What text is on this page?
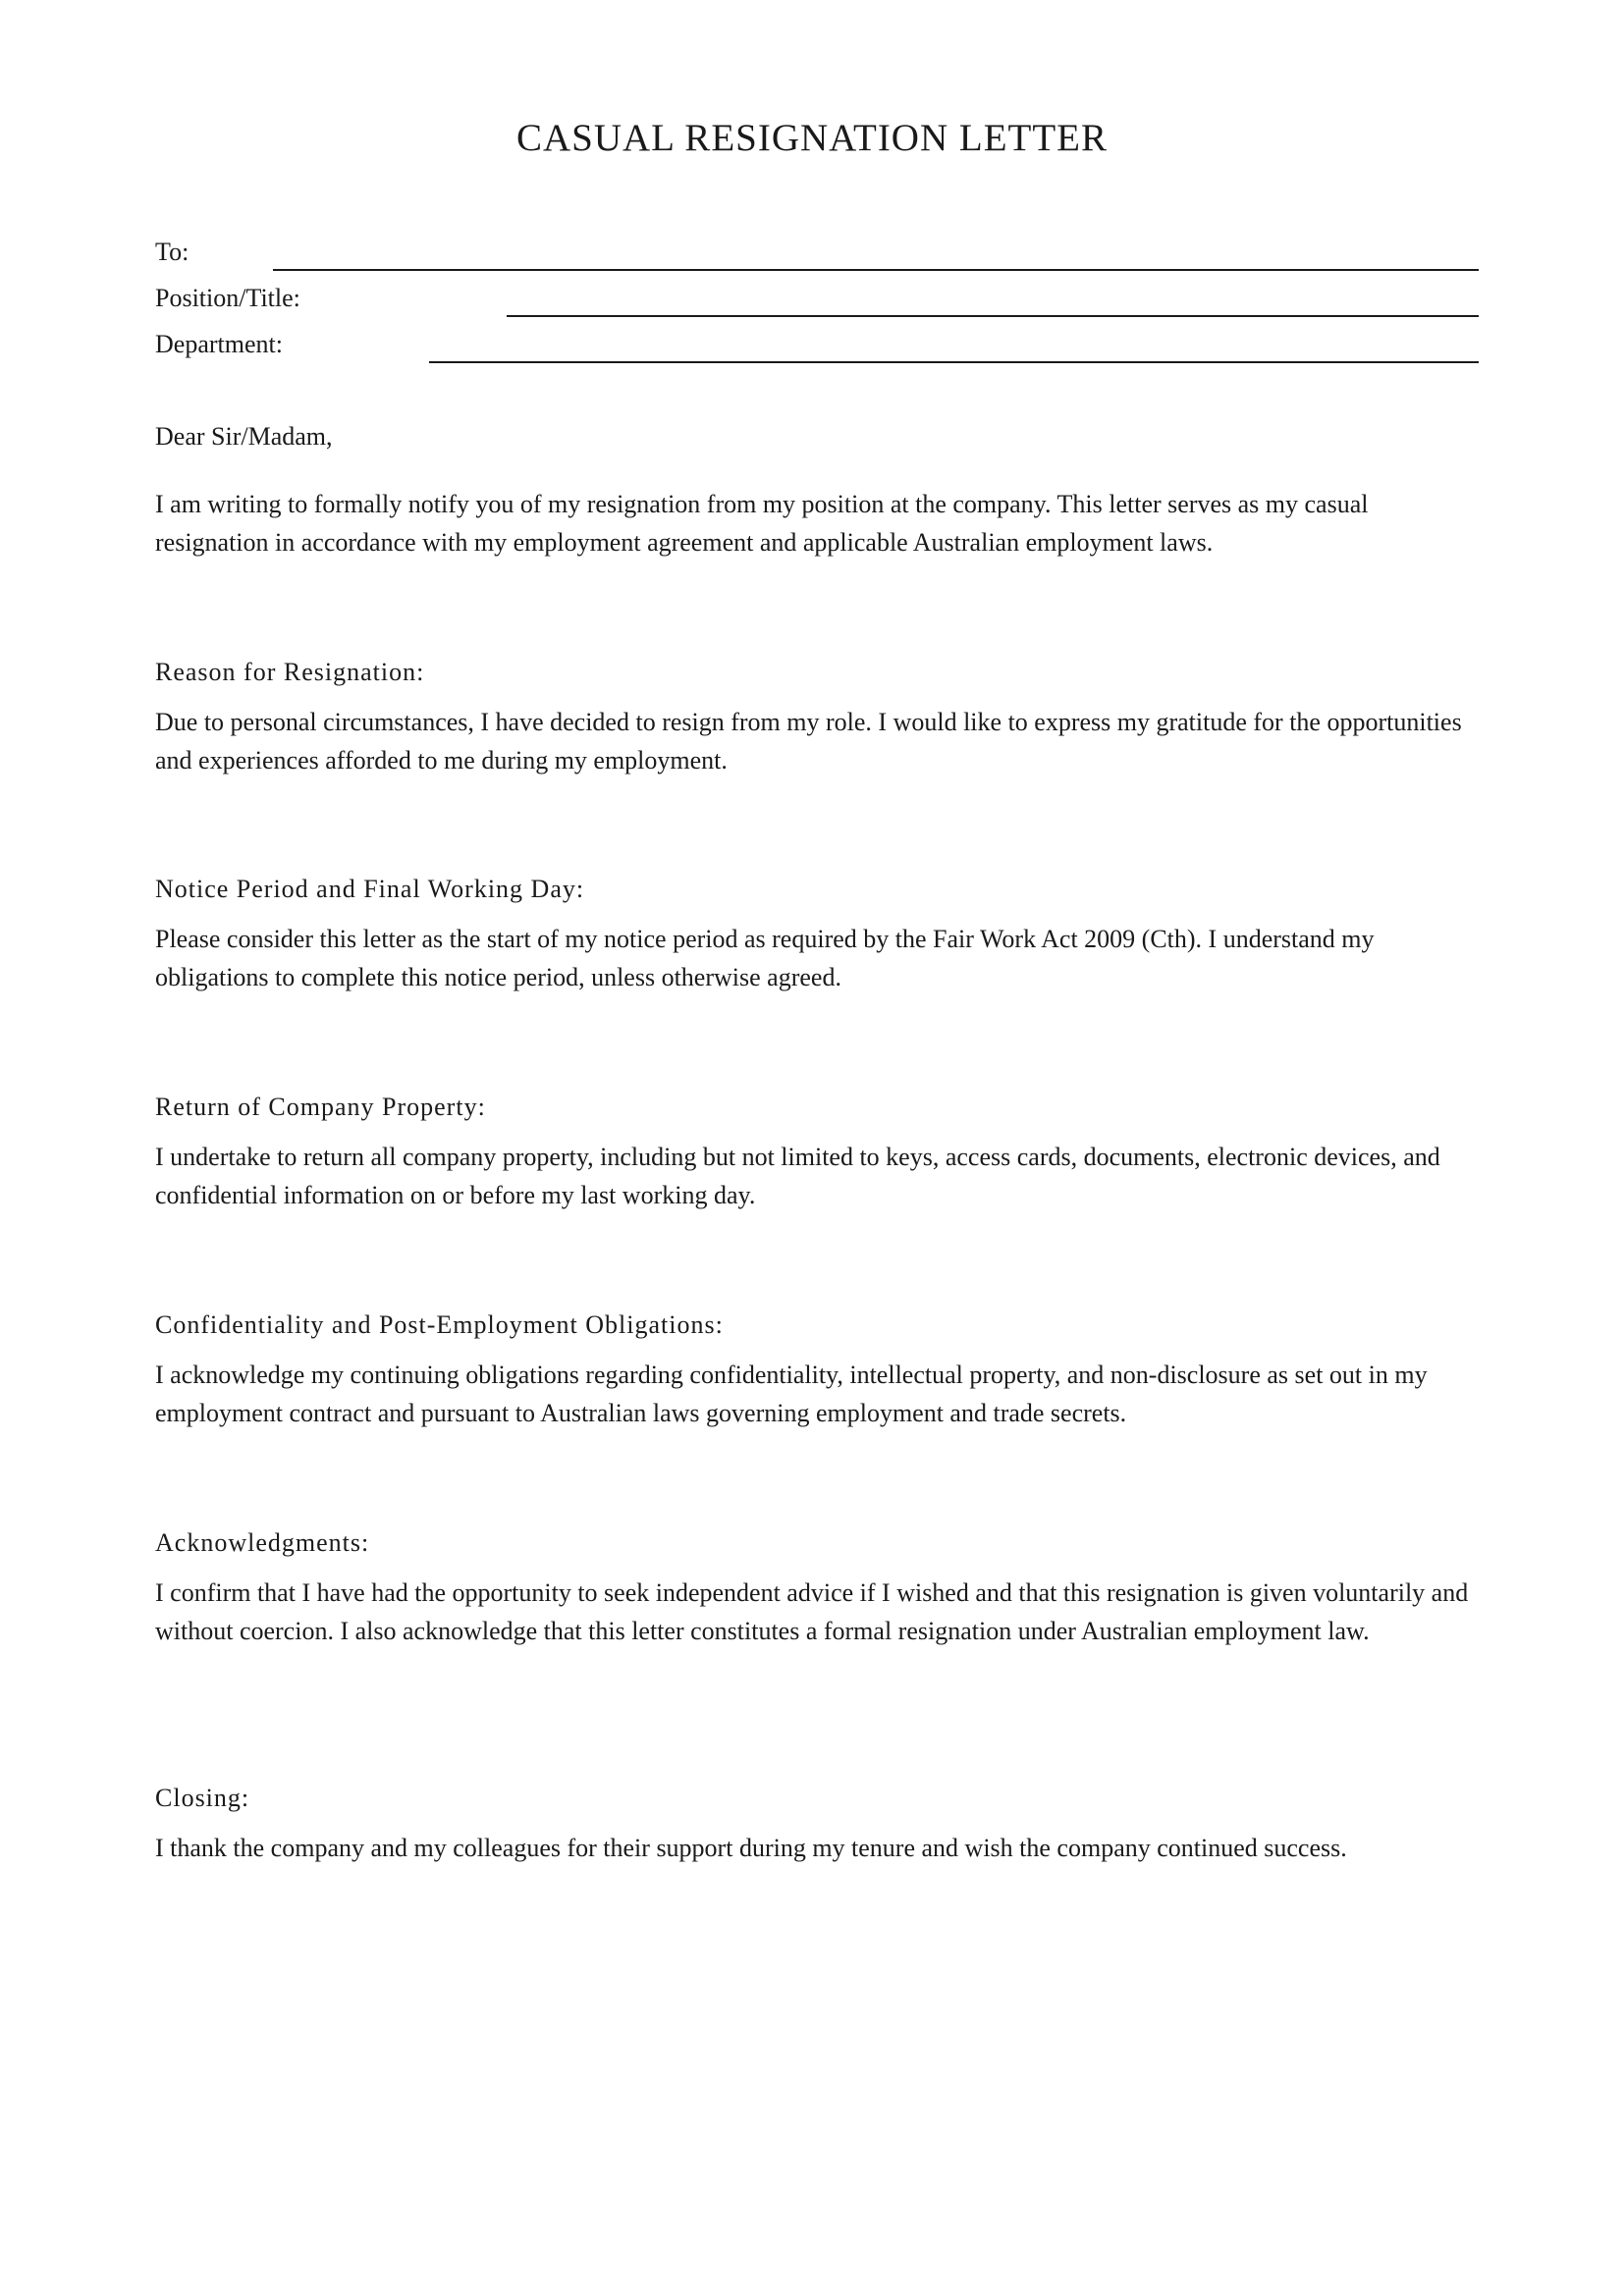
CASUAL RESIGNATION LETTER
To:
Position/Title:
Department:

Dear Sir/Madam,

I am writing to formally notify you of my resignation from my position at the company. This letter serves as my casual resignation in accordance with my employment agreement and applicable Australian employment laws.

Reason for Resignation:

Due to personal circumstances, I have decided to resign from my role. I would like to express my gratitude for the opportunities and experiences afforded to me during my employment.

Notice Period and Final Working Day:

Please consider this letter as the start of my notice period as required by the Fair Work Act 2009 (Cth). I understand my obligations to complete this notice period, unless otherwise agreed.

Return of Company Property:

I undertake to return all company property, including but not limited to keys, access cards, documents, electronic devices, and confidential information on or before my last working day.

Confidentiality and Post-Employment Obligations:

I acknowledge my continuing obligations regarding confidentiality, intellectual property, and non-disclosure as set out in my employment contract and pursuant to Australian laws governing employment and trade secrets.

Acknowledgments:

I confirm that I have had the opportunity to seek independent advice if I wished and that this resignation is given voluntarily and without coercion. I also acknowledge that this letter constitutes a formal resignation under Australian employment law.

Closing:

I thank the company and my colleagues for their support during my tenure and wish the company continued success.
